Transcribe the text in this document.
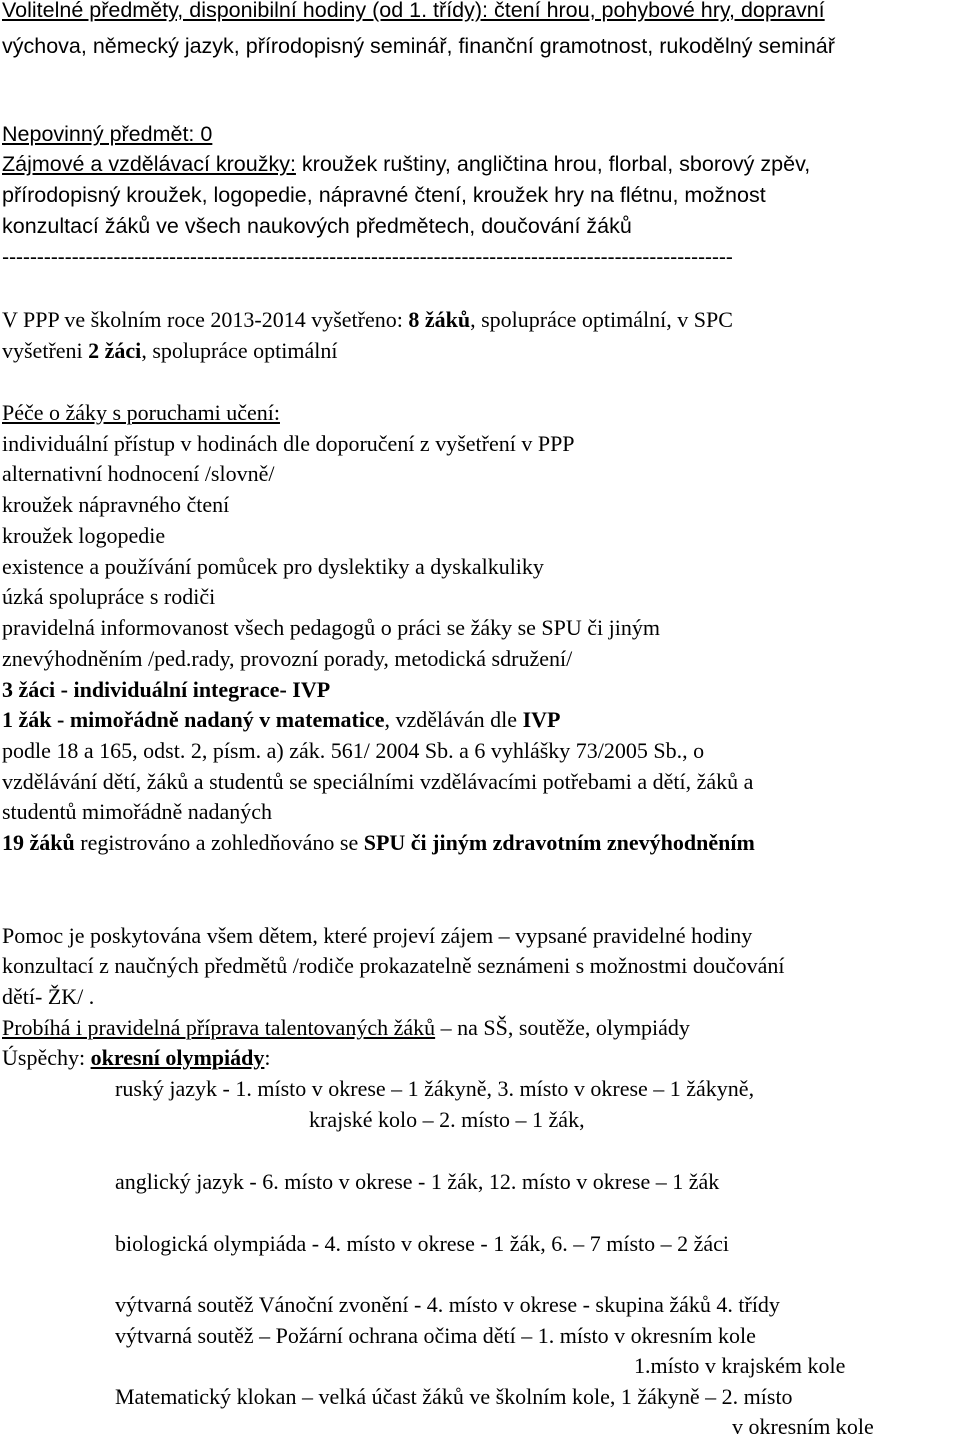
Volitelné předměty, disponibilní hodiny (od 1. třídy): čtení hrou, pohybové hry, dopravní
výchova, německý jazyk, přírodopisný seminář, finanční gramotnost, rukodělný seminář
Nepovinný předmět: 0
Zájmové a vzdělávací kroužky: kroužek ruštiny, angličtina hrou, florbal, sborový zpěv,
přírodopisný kroužek, logopedie, nápravné čtení, kroužek hry na flétnu, možnost
konzultací žáků ve všech naukových předmětech, doučování žáků
---------------------------------------------------------------------------------------------------------
V PPP ve školním roce 2013-2014 vyšetřeno: 8 žáků, spolupráce optimální, v SPC
vyšetřeni 2 žáci, spolupráce optimální
Péče o žáky s poruchami učení:
individuální přístup v hodinách dle doporučení z vyšetření v PPP
alternativní hodnocení /slovně/
kroužek nápravného čtení
kroužek logopedie
existence a používání pomůcek pro dyslektiky a dyskalkuliky
úzká spolupráce s rodiči
pravidelná informovanost všech pedagogů o práci se žáky se SPU či jiným
znevýhodněním /ped.rady, provozní porady, metodická sdružení/
3 žáci - individuální integrace- IVP
1 žák - mimořádně nadaný v matematice, vzděláván dle IVP
podle 18 a 165, odst. 2, písm. a) zák. 561/ 2004 Sb. a 6 vyhlášky 73/2005 Sb., o
vzdělávání dětí, žáků a studentů se speciálními vzdělávacími potřebami a dětí, žáků a
studentů mimořádně nadaných
19 žáků registrováno a zohledňováno se SPU či jiným zdravotním znevýhodněním
Pomoc je poskytována všem dětem, které projeví zájem – vypsané pravidelné hodiny
konzultací z naučných předmětů /rodiče prokazatelně seznámeni s možnostmi doučování
dětí- ŽK/ .
Probíhá i pravidelná příprava talentovaných žáků – na SŠ, soutěže, olympiády
Úspěchy: okresní olympiády:
ruský jazyk - 1. místo v okrese – 1 žákyně, 3. místo v okrese – 1 žákyně,
krajské kolo – 2. místo – 1 žák,
anglický jazyk - 6. místo v okrese - 1 žák, 12. místo v okrese – 1 žák
biologická olympiáda - 4. místo v okrese - 1 žák, 6. – 7 místo – 2 žáci
výtvarná soutěž Vánoční zvonění - 4. místo v okrese - skupina žáků 4. třídy
výtvarná soutěž – Požární ochrana očima dětí – 1. místo v okresním kole
1.místo v krajském kole
Matematický klokan – velká účast žáků ve školním kole, 1 žákyně – 2. místo
v okresním kole
